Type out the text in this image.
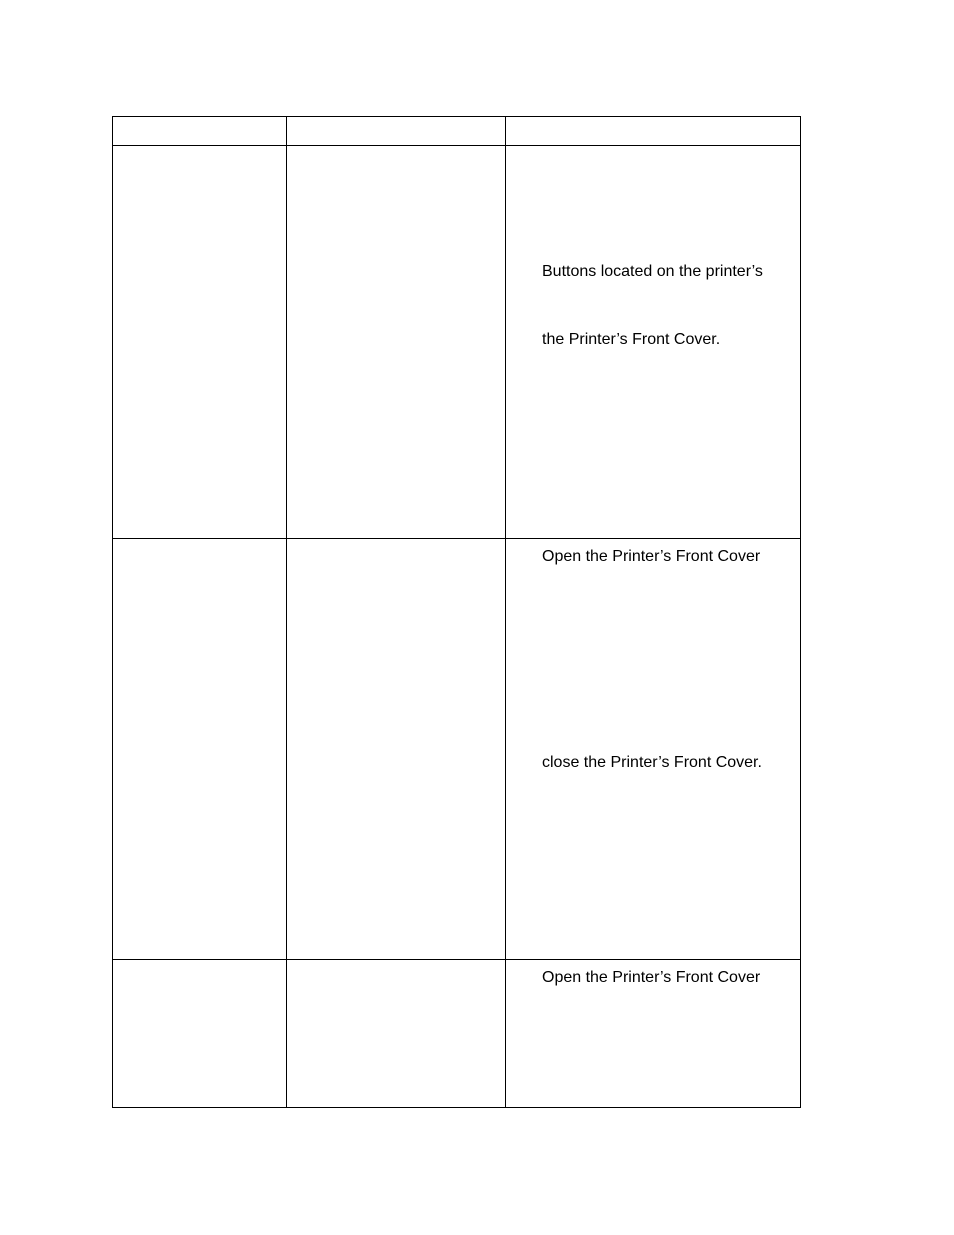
		Buttons located on the printer’s
the Printer’s Front Cover.

		Open the Printer’s Front Cover
close the Printer’s Front Cover.

		Open the Printer’s Front Cover
